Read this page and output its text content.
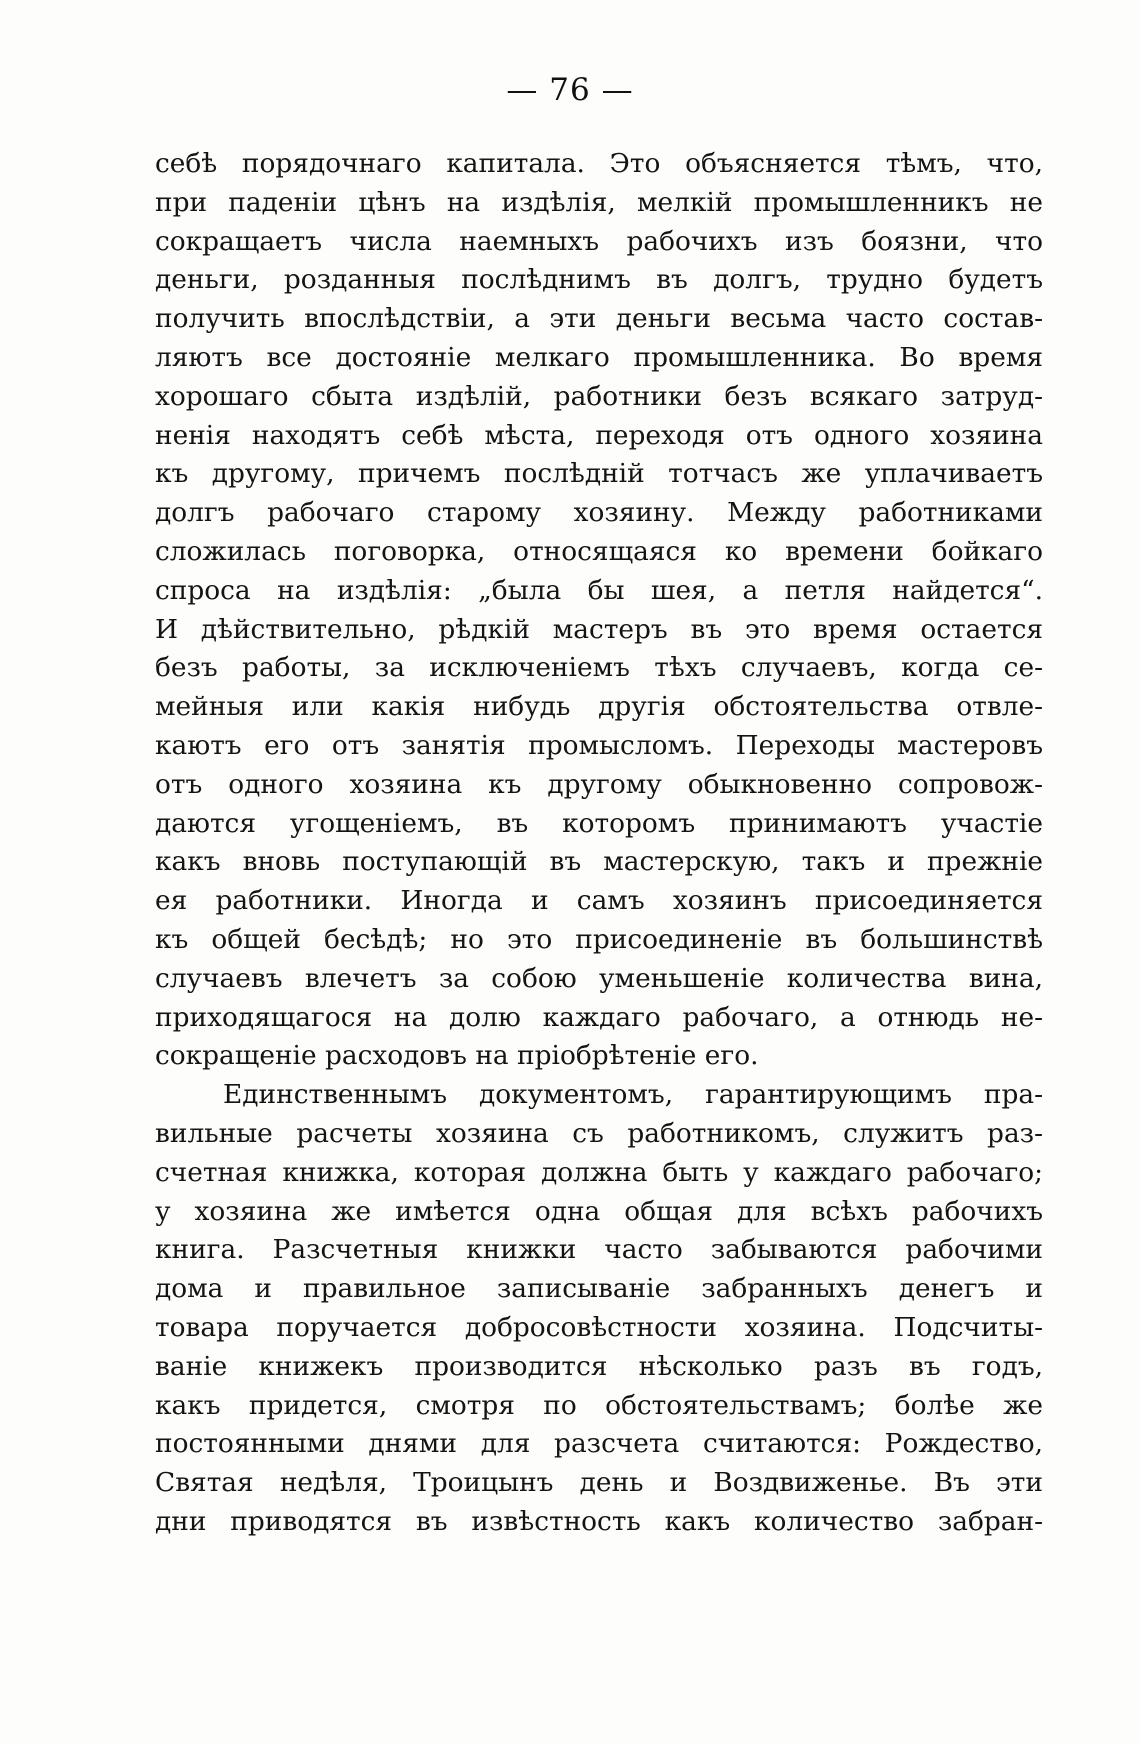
— 76 —
себѣ порядочнаго капитала. Это объясняется тѣмъ, что,
при паденіи цѣнъ на издѣлія, мелкій промышленникъ не
сокращаетъ числа наемныхъ рабочихъ изъ боязни, что
деньги, розданныя послѣднимъ въ долгъ, трудно будетъ
получить впослѣдствіи, а эти деньги весьма часто состав-
ляютъ все достояніе мелкаго промышленника. Во время
хорошаго сбыта издѣлій, работники безъ всякаго затруд-
ненія находятъ себѣ мѣста, переходя отъ одного хозяина
къ другому, причемъ послѣдній тотчасъ же уплачиваетъ
долгъ рабочаго старому хозяину. Между работниками
сложилась поговорка, относящаяся ко времени бойкаго
спроса на издѣлія: „была бы шея, а петля найдется“.
И дѣйствительно, рѣдкій мастеръ въ это время остается
безъ работы, за исключеніемъ тѣхъ случаевъ, когда се-
мейныя или какія нибудь другія обстоятельства отвле-
каютъ его отъ занятія промысломъ. Переходы мастеровъ
отъ одного хозяина къ другому обыкновенно сопровож-
даются угощеніемъ, въ которомъ принимаютъ участіе
какъ вновь поступающій въ мастерскую, такъ и прежніе
ея работники. Иногда и самъ хозяинъ присоединяется
къ общей бесѣдѣ; но это присоединеніе въ большинствѣ
случаевъ влечетъ за собою уменьшеніе количества вина,
приходящагося на долю каждаго рабочаго, а отнюдь не-
сокращеніе расходовъ на пріобрѣтеніе его.
Единственнымъ документомъ, гарантирующимъ пра-
вильные расчеты хозяина съ работникомъ, служитъ раз-
счетная книжка, которая должна быть у каждаго рабочаго;
у хозяина же имѣется одна общая для всѣхъ рабочихъ
книга. Разсчетныя книжки часто забываются рабочими
дома и правильное записываніе забранныхъ денегъ и
товара поручается добросовѣстности хозяина. Подсчиты-
ваніе книжекъ производится нѣсколько разъ въ годъ,
какъ придется, смотря по обстоятельствамъ; болѣе же
постоянными днями для разсчета считаются: Рождество,
Святая недѣля, Троицынъ день и Воздвиженье. Въ эти
дни приводятся въ извѣстность какъ количество забран-
